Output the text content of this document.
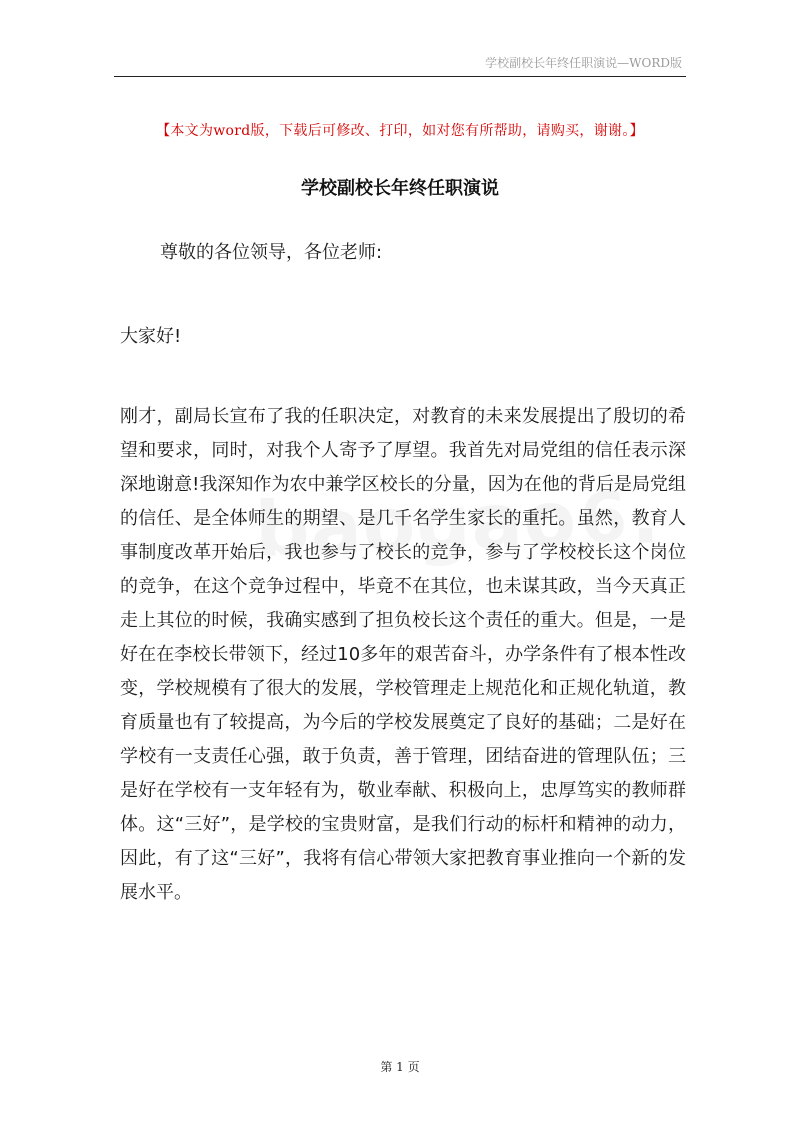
学校副校长年终任职演说—WORD版
【本文为word版，下载后可修改、打印，如对您有所帮助，请购买，谢谢。】
学校副校长年终任职演说
尊敬的各位领导，各位老师:
大家好!
刚才，副局长宣布了我的任职决定，对教育的未来发展提出了殷切的希望和要求，同时，对我个人寄予了厚望。我首先对局党组的信任表示深深地谢意!我深知作为农中兼学区校长的分量，因为在他的背后是局党组的信任、是全体师生的期望、是几千名学生家长的重托。虽然，教育人事制度改革开始后，我也参与了校长的竞争，参与了学校校长这个岗位的竞争，在这个竞争过程中，毕竟不在其位，也未谋其政，当今天真正走上其位的时候，我确实感到了担负校长这个责任的重大。但是，一是好在在李校长带领下，经过10多年的艰苦奋斗，办学条件有了根本性改变，学校规模有了很大的发展，学校管理走上规范化和正规化轨道，教育质量也有了较提高，为今后的学校发展奠定了良好的基础；二是好在学校有一支责任心强，敢于负责，善于管理，团结奋进的管理队伍；三是好在学校有一支年轻有为，敬业奉献、积极向上，忠厚笃实的教师群体。这“三好”，是学校的宝贵财富，是我们行动的标杆和精神的动力，因此，有了这“三好”，我将有信心带领大家把教育事业推向一个新的发展水平。
第 1 页
